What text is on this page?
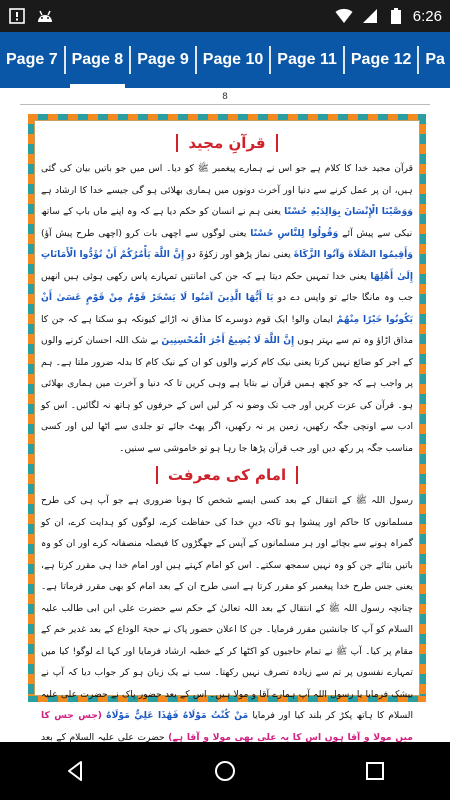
6:26
Page 7 Page 8 Page 9 Page 10 Page 11 Page 12 Pa
8
قرآنِ مجید

قرآن مجید خدا کا کلام ہے جو اس نے ہمارے پیغمبر ﷺ کو دیا۔ اس میں جو باتیں بیان کی گئی ہیں، ان پر عمل کرنے سے دنیا اور آخرت دونوں میں ہماری بھلائی ہو گی جیسے خدا کا ارشاد ہے وَوَصَّيْنَا الْإِنْسَانَ بِوَالِدَيْهِ حُسْنًا یعنی ہم نے انسان کو حکم دیا ہے کہ وہ اپنے ماں باپ کے ساتھ نیکی سے پیش آئے وَقُولُوا لِلنَّاسِ حُسْنًا یعنی لوگوں سے اچھی بات کرو (اچھی طرح پیش آؤ) وَأَقِيمُوا الصَّلَاةَ وَآتُوا الزَّكَاةَ یعنی نماز پڑھو اور زکوٰۃ دو إِنَّ اللَّهَ يَأْمُرُكُمْ أَنْ تُؤَدُّوا الْأَمَانَاتِ إِلَىٰ أَهْلِهَا یعنی خدا تمہیں حکم دیتا ہے کہ جن کی امانتیں تمہارے پاس رکھی ہوئی ہیں انھیں جب وہ مانگا جائے تو واپس دے دو يَا أَيُّهَا الَّذِينَ آمَنُوا لَا يَسْخَرْ قَوْمٌ مِنْ قَوْمٍ عَسَىٰ أَنْ يَكُونُوا خَيْرًا مِنْهُمْ ایمان والو! ایک قوم دوسرے کا مذاق نہ اڑائے کیونکہ ہو سکتا ہے کہ جن کا مذاق اڑاؤ وہ تم سے بہتر ہوں إِنَّ اللَّهَ لَا يُضِيعُ أَجْرَ الْمُحْسِنِينَ بے شک اللہ احسان کرنے والوں کے اجر کو ضائع نہیں کرتا یعنی نیک کام کرنے والوں کو ان کے نیک کام کا بدلہ ضرور ملتا ہے۔ ہم پر واجب ہے کہ جو کچھ ہمیں قرآن نے بتایا ہے وہی کریں تا کہ دنیا و آخرت میں ہماری بھلائی ہو۔ قرآن کی عزت کریں اور جب تک وضو نہ کر لیں اس کے حرفوں کو ہاتھ نہ لگائیں۔ اس کو ادب سے اونچی جگہ رکھیں، زمین پر نہ رکھیں، اگر پھٹ جائے تو جلدی سے اٹھا لیں اور کسی مناسب جگہ پر رکھ دیں اور جب قرآن پڑھا جا رہا ہو تو خاموشی سے سنیں۔

امام کی معرفت

رسول اللہ ﷺ کے انتقال کے بعد کسی ایسے شخص کا ہونا ضروری ہے جو آپ ہی کی طرح مسلمانوں کا حاکم اور پیشوا ہو تاکہ دینِ خدا کی حفاظت کرے، لوگوں کو ہدایت کرے، ان کو گمراہ ہونے سے بچائے اور ہر مسلمانوں کے آپس کے جھگڑوں کا فیصلہ منصفانہ کرے اور ان کو وہ باتیں بتائے جن کو وہ نہیں سمجھ سکتے۔ اس کو امام کہتے ہیں اور امام خدا ہی مقرر کرتا ہے، یعنی جس طرح خدا پیغمبر کو مقرر کرتا ہے اسی طرح ان کے بعد امام کو بھی مقرر فرماتا ہے۔ چنانچہ رسول اللہ ﷺ کے انتقال کے بعد اللہ تعالیٰ کے حکم سے حضرت علی ابن ابی طالب علیہ السلام کو آپ کا جانشین مقرر فرمایا۔ جن کا اعلان حضور پاک نے حجۃ الوداع کے بعد غدیر خم کے مقام پر کیا۔ آپ ﷺ نے تمام حاجیوں کو اکٹھا کر کے خطبہ ارشاد فرمایا اور کہا اے لوگو! کیا میں تمہارے نفسوں پر تم سے زیادہ تصرف نہیں رکھتا۔ سب نے یک زبان ہو کر جواب دیا کہ آپ نے بیشک فرمایا یا رسول اللہ آپ ہمارے آقا و مولا ہیں۔ اس کے بعد حضور پاک نے حضرت علی علیہ السلام کا ہاتھ پکڑ کر بلند کیا اور فرمایا مَنْ كُنْتُ مَوْلَاهُ فَهَٰذَا عَلِيٌّ مَوْلَاهُ (جس جس کا میں مولا و آقا ہوں اس کا یہ علی بھی مولا و آقا ہے) حضرت علی علیہ السلام کے بعد
